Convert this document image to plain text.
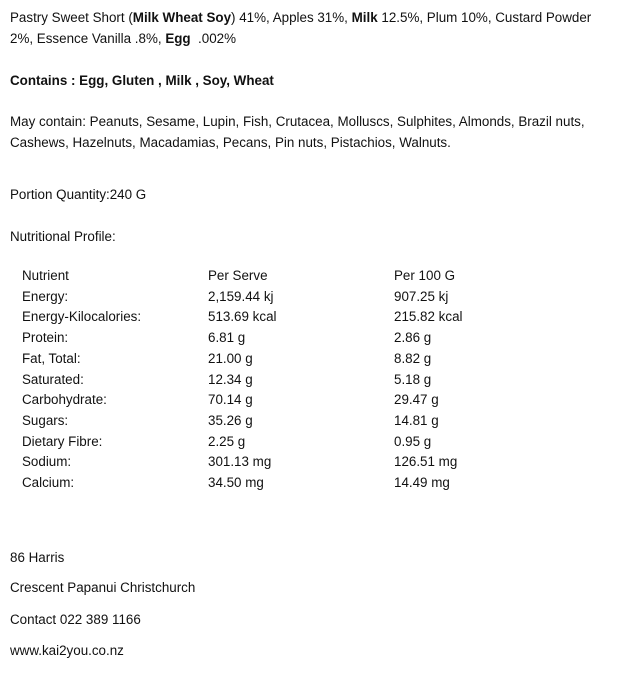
Pastry Sweet Short (Milk Wheat Soy) 41%, Apples 31%, Milk 12.5%, Plum 10%, Custard Powder 2%, Essence Vanilla .8%, Egg  .002%
Contains : Egg, Gluten , Milk , Soy, Wheat
May contain: Peanuts, Sesame, Lupin, Fish, Crutacea, Molluscs, Sulphites, Almonds, Brazil nuts, Cashews, Hazelnuts, Macadamias, Pecans, Pin nuts, Pistachios, Walnuts.
Portion Quantity:240 G
Nutritional Profile:
Nutrient	Per Serve	Per 100 G
Energy:	2,159.44 kj	907.25 kj
Energy-Kilocalories:	513.69 kcal	215.82 kcal
Protein:	6.81 g	2.86 g
Fat, Total:	21.00 g	8.82 g
Saturated:	12.34 g	5.18 g
Carbohydrate:	70.14 g	29.47 g
Sugars:	35.26 g	14.81 g
Dietary Fibre:	2.25 g	0.95 g
Sodium:	301.13 mg	126.51 mg
Calcium:	34.50 mg	14.49 mg
86 Harris
Crescent Papanui Christchurch
Contact 022 389 1166
www.kai2you.co.nz
